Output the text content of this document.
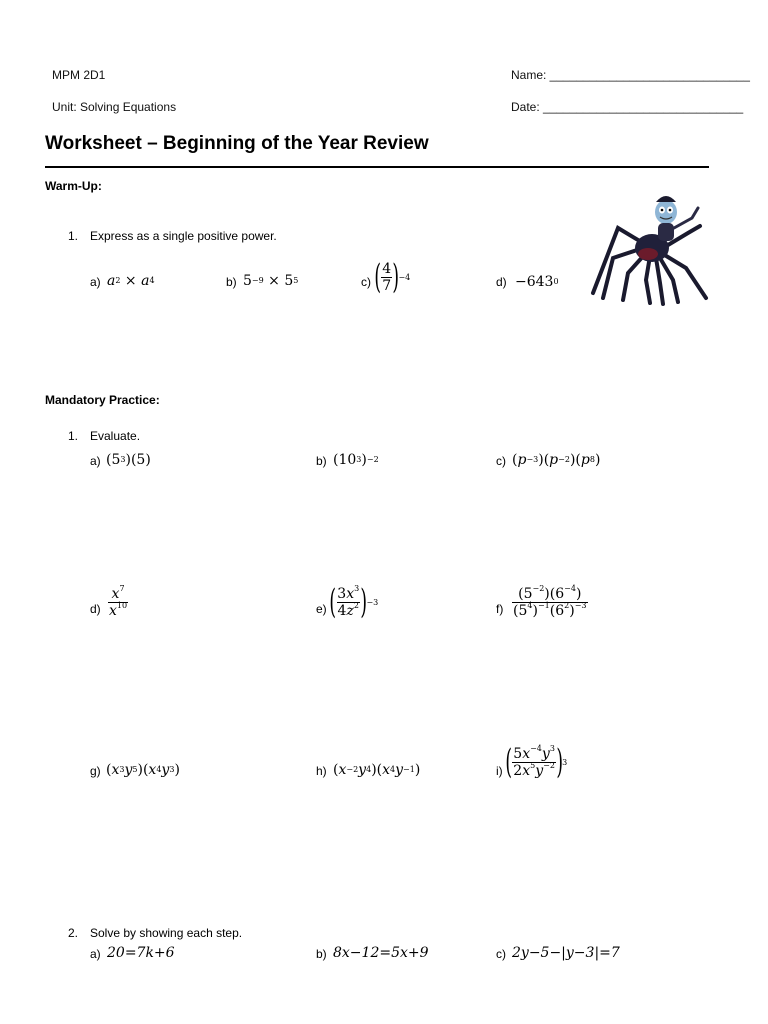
MPM 2D1
Unit: Solving Equations
Name: ______________________________
Date: ______________________________
Worksheet – Beginning of the Year Review
Warm-Up:
1. Express as a single positive power.
a) a 2 × a 4	b) 5 −9 × 5 5	c) ( $\frac{4}{7}$ ) −4	d) −643 0
Mandatory Practice:
1. Evaluate.
a) ( 5 3 )( 5 )	b) ( 10 3 ) −2	c) ( p −3 )( p −2 )( p 8 )
$d) \frac{x^7}{x^{10}}$	e) ( $\frac{3x^3}{4z^2}$ ) −3	$f) \frac{(5^{-2})(6^{-4})}{(5^4)^{-1}(6^2)^{-3}}$
g) ( x 3 y 5 )( x 4 y 3 )	h) ( x −2 y 4 )( x 4 y −1 )	i) ( $\frac{5x^{-4}y^3}{2x^5y^{-2}}$ ) 3
2. Solve by showing each step.
a) 20=7k+6	b) 8x−12=5x+9	c) 2y−5−|y−3|=7
